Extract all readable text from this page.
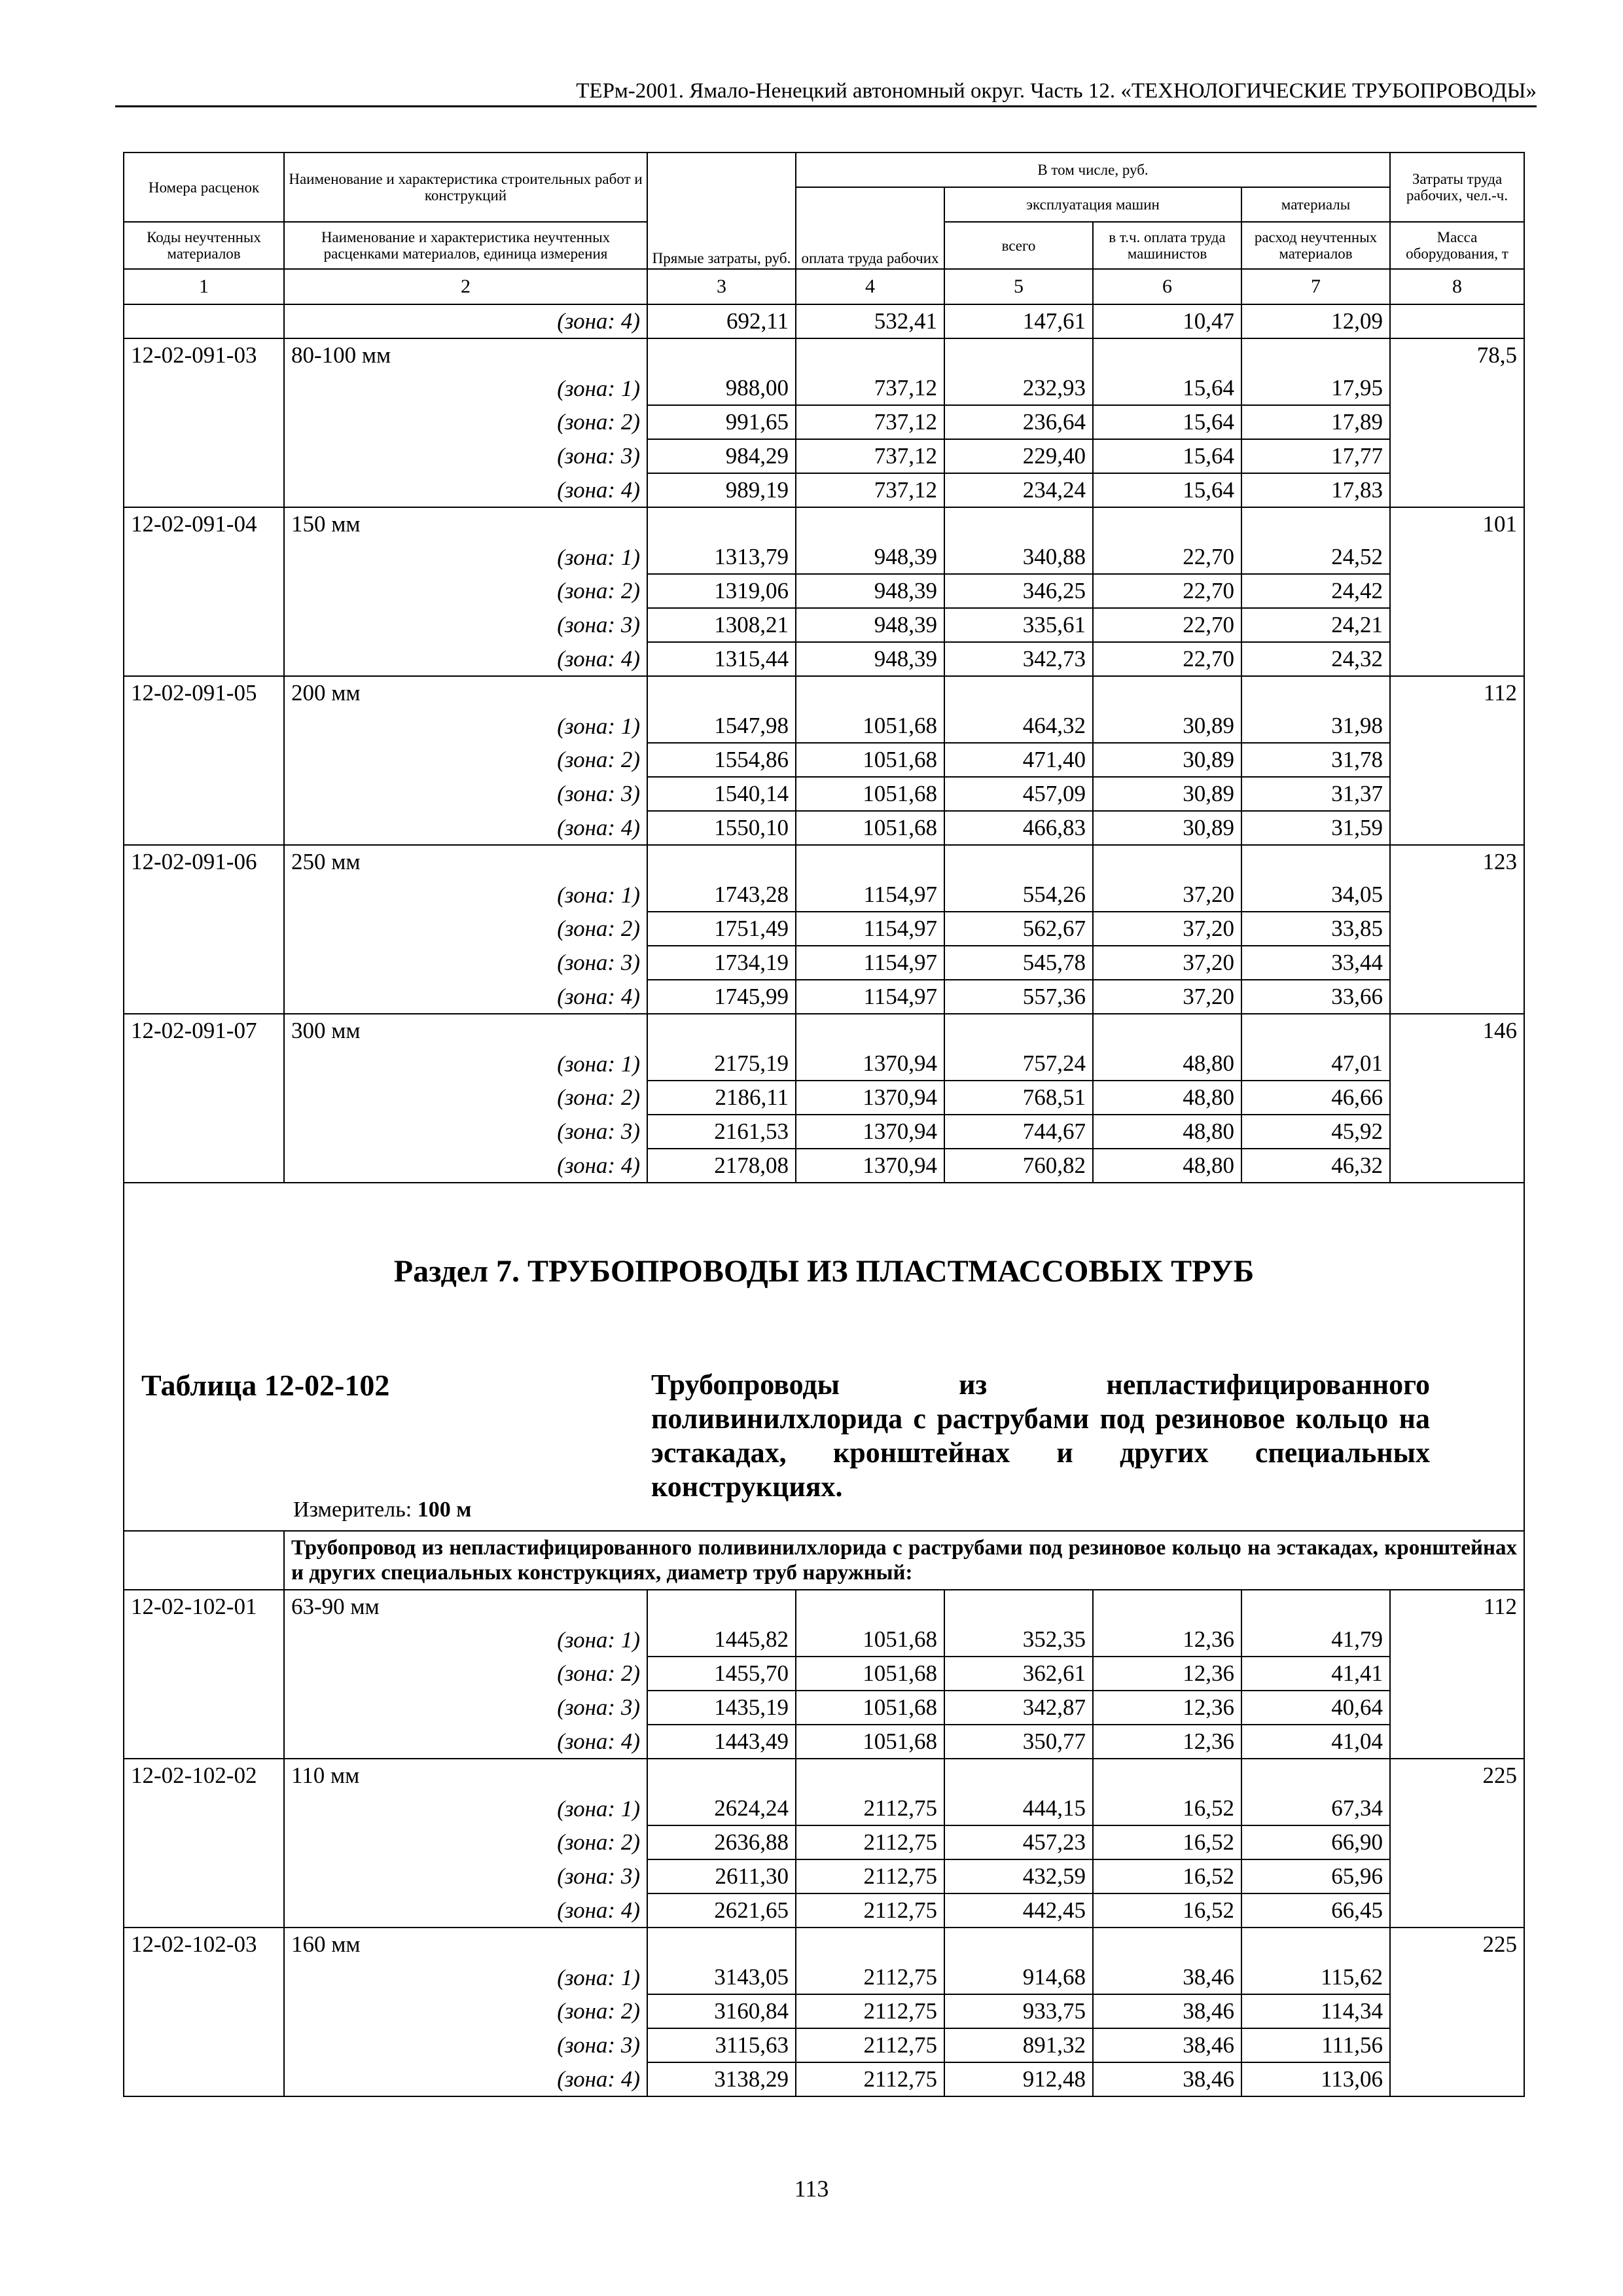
ТЕРм-2001. Ямало-Ненецкий автономный округ. Часть 12. «ТЕХНОЛОГИЧЕСКИЕ ТРУБОПРОВОДЫ»
Номера расценок	Наименование и характеристика строительных работ и конструкций	Прямые затраты, руб.	В том числе, руб.				Затраты труда рабочих, чел.-ч.
			оплата труда рабочих	эксплуатация машин		материалы	
Коды неучтенных материалов	Наименование и характеристика неучтенных расценками материалов, единица измерения			всего	в т.ч. оплата труда машинистов	расход неучтенных материалов	Масса оборудования, т
1	2	3	4	5	6	7	8
	(зона: 4)	692,11	532,41	147,61	10,47	12,09	
12-02-091-03	80-100 мм						78,5
	(зона: 1)	988,00	737,12	232,93	15,64	17,95	
	(зона: 2)	991,65	737,12	236,64	15,64	17,89	
	(зона: 3)	984,29	737,12	229,40	15,64	17,77	
	(зона: 4)	989,19	737,12	234,24	15,64	17,83	
12-02-091-04	150 мм						101
	(зона: 1)	1313,79	948,39	340,88	22,70	24,52	
	(зона: 2)	1319,06	948,39	346,25	22,70	24,42	
	(зона: 3)	1308,21	948,39	335,61	22,70	24,21	
	(зона: 4)	1315,44	948,39	342,73	22,70	24,32	
12-02-091-05	200 мм						112
	(зона: 1)	1547,98	1051,68	464,32	30,89	31,98	
	(зона: 2)	1554,86	1051,68	471,40	30,89	31,78	
	(зона: 3)	1540,14	1051,68	457,09	30,89	31,37	
	(зона: 4)	1550,10	1051,68	466,83	30,89	31,59	
12-02-091-06	250 мм						123
	(зона: 1)	1743,28	1154,97	554,26	37,20	34,05	
	(зона: 2)	1751,49	1154,97	562,67	37,20	33,85	
	(зона: 3)	1734,19	1154,97	545,78	37,20	33,44	
	(зона: 4)	1745,99	1154,97	557,36	37,20	33,66	
12-02-091-07	300 мм						146
	(зона: 1)	2175,19	1370,94	757,24	48,80	47,01	
	(зона: 2)	2186,11	1370,94	768,51	48,80	46,66	
	(зона: 3)	2161,53	1370,94	744,67	48,80	45,92	
	(зона: 4)	2178,08	1370,94	760,82	48,80	46,32	
Раздел 7. ТРУБОПРОВОДЫ ИЗ ПЛАСТМАССОВЫХ ТРУБ							

Таблица 12-02-102 Трубопроводы из непластифицированного поливинилхлорида с раструбами под резиновое кольцо на эстакадах, кронштейнах и других специальных конструкциях.
Измеритель: 100 м							

	Трубопровод из непластифицированного поливинилхлорида с раструбами под резиновое кольцо на эстакадах, кронштейнах и других специальных конструкциях, диаметр труб наружный:						
12-02-102-01	63-90 мм						112
	(зона: 1)	1445,82	1051,68	352,35	12,36	41,79	
	(зона: 2)	1455,70	1051,68	362,61	12,36	41,41	
	(зона: 3)	1435,19	1051,68	342,87	12,36	40,64	
	(зона: 4)	1443,49	1051,68	350,77	12,36	41,04	
12-02-102-02	110 мм						225
	(зона: 1)	2624,24	2112,75	444,15	16,52	67,34	
	(зона: 2)	2636,88	2112,75	457,23	16,52	66,90	
	(зона: 3)	2611,30	2112,75	432,59	16,52	65,96	
	(зона: 4)	2621,65	2112,75	442,45	16,52	66,45	
12-02-102-03	160 мм						225
	(зона: 1)	3143,05	2112,75	914,68	38,46	115,62	
	(зона: 2)	3160,84	2112,75	933,75	38,46	114,34	
	(зона: 3)	3115,63	2112,75	891,32	38,46	111,56	
	(зона: 4)	3138,29	2112,75	912,48	38,46	113,06	
113
